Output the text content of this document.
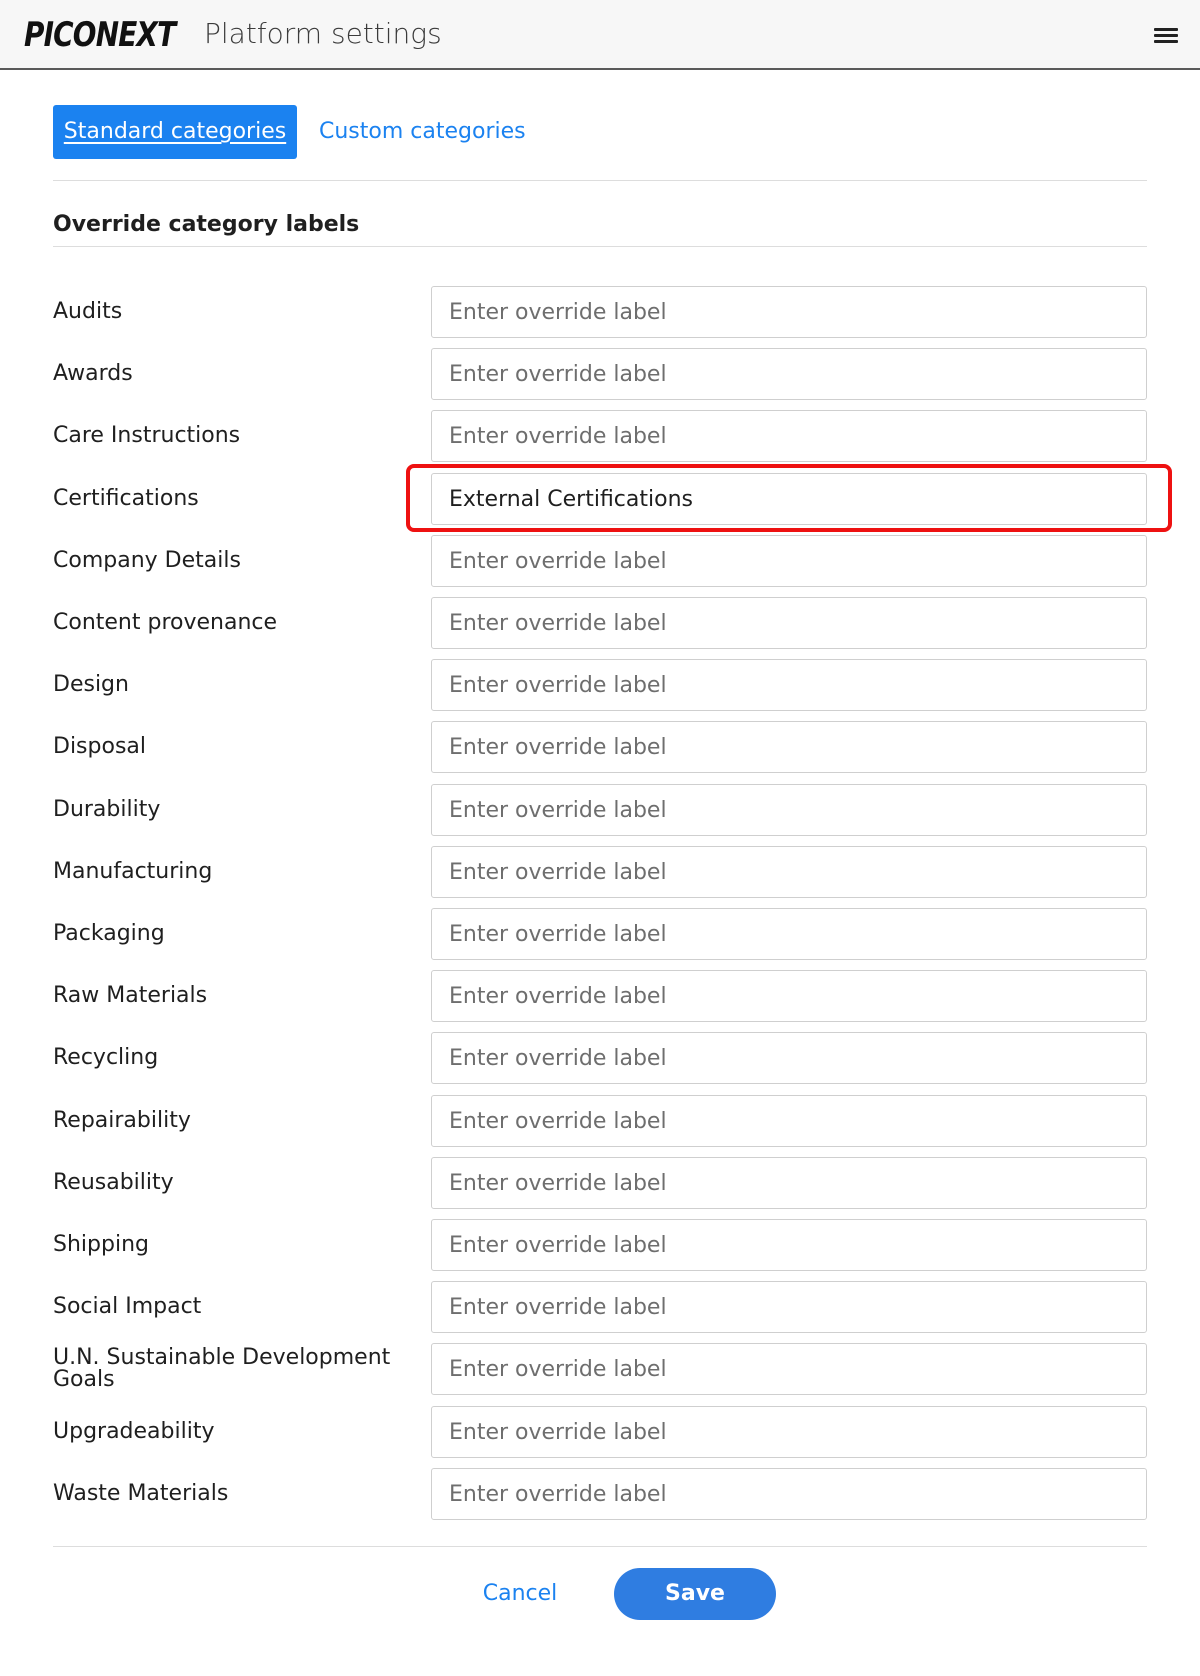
PICONEXT Platform settings
Standard categories	Custom categories
Override category labels
Audits
Enter override label
Awards
Enter override label
Care Instructions
Enter override label
Certifications
External Certifications
Company Details
Enter override label
Content provenance
Enter override label
Design
Enter override label
Disposal
Enter override label
Durability
Enter override label
Manufacturing
Enter override label
Packaging
Enter override label
Raw Materials
Enter override label
Recycling
Enter override label
Repairability
Enter override label
Reusability
Enter override label
Shipping
Enter override label
Social Impact
Enter override label
U.N. Sustainable Development Goals
Enter override label
Upgradeability
Enter override label
Waste Materials
Enter override label
Cancel	Save
